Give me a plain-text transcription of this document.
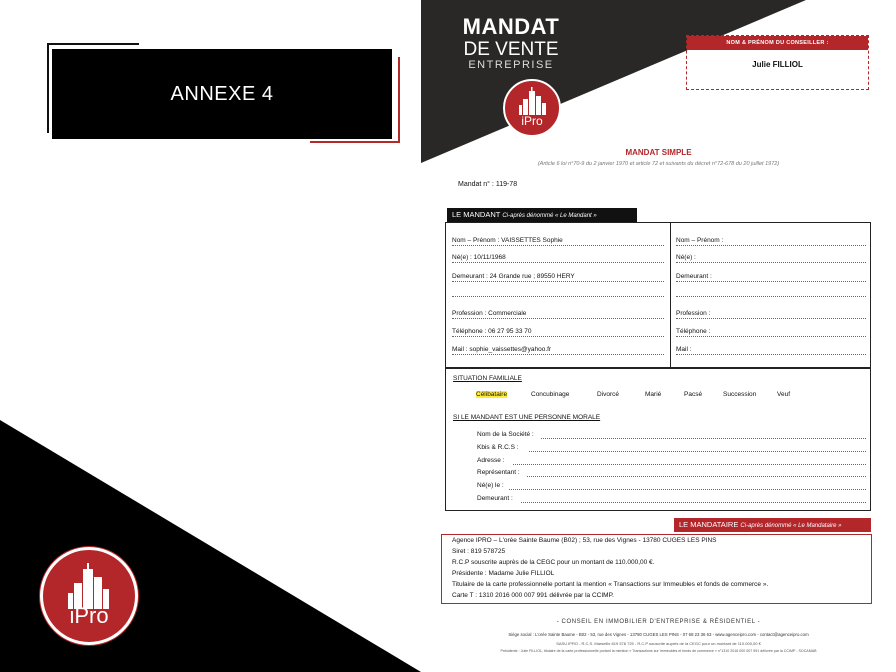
ANNEXE 4
iPro
MANDAT
DE VENTE
ENTREPRISE
iPro
NOM & PRÉNOM DU CONSEILLER :
Julie FILLIOL
MANDAT SIMPLE
(Article 6 loi n°70-9 du 2 janvier 1970 et article 72 et suivants du décret n°72-678 du 20 juillet 1972)
Mandat n° : 119-78
LE MANDANT Ci-après dénommé « Le Mandant »
Nom – Prénom : VAISSETTES Sophie
Né(e) : 10/11/1968
Demeurant : 24 Grande rue ; 89550 HERY
Profession : Commerciale
Téléphone : 06 27 95 33 70
Mail : sophie_vaissettes@yahoo.fr
Nom – Prénom :
Né(e) :
Demeurant :
Profession :
Téléphone :
Mail :
SITUATION FAMILIALE
Célibataire	Concubinage	Divorcé	Marié	Pacsé	Succession	Veuf
SI LE MANDANT EST UNE PERSONNE MORALE
Nom de la Société :
Kbis & R.C.S :
Adresse :
Représentant :
Né(e) le :
Demeurant :
LE MANDATAIRE Ci-après dénommé « Le Mandataire »
Agence IPRO – L'orée Sainte Baume (B02) ; 53, rue des Vignes - 13780 CUGES LES PINS
Siret : 819 578725
R.C.P souscrite auprès de la CEGC pour un montant de 110.000,00 €.
Présidente : Madame Julie FILLIOL
Titulaire de la carte professionnelle portant la mention « Transactions sur Immeubles et fonds de commerce ».
Carte T : 1310 2016 000 007 991 délivrée par la CCIMP.
- CONSEIL EN IMMOBILIER D'ENTREPRISE & RÉSIDENTIEL -
Siège social : L'orée Sainte Baume - B02 - 53, rue des Vignes - 13780 CUGES LES PINS - 07 68 23 36 63 - www.agenceipro.com - contact@agenceipro.com
SASU IPRO - R.C.S. Marseille 819 578 725 - R.C.P souscrite auprès de la CEGC pour un montant de 110.000,00 €
Présidente : Julie FILLIOL, titulaire de la carte professionnelle portant la mention « Transactions sur Immeubles et fonds de commerce » n°1310 2016 000 007 991 délivrée par la CCIMP - SOCAMAB
